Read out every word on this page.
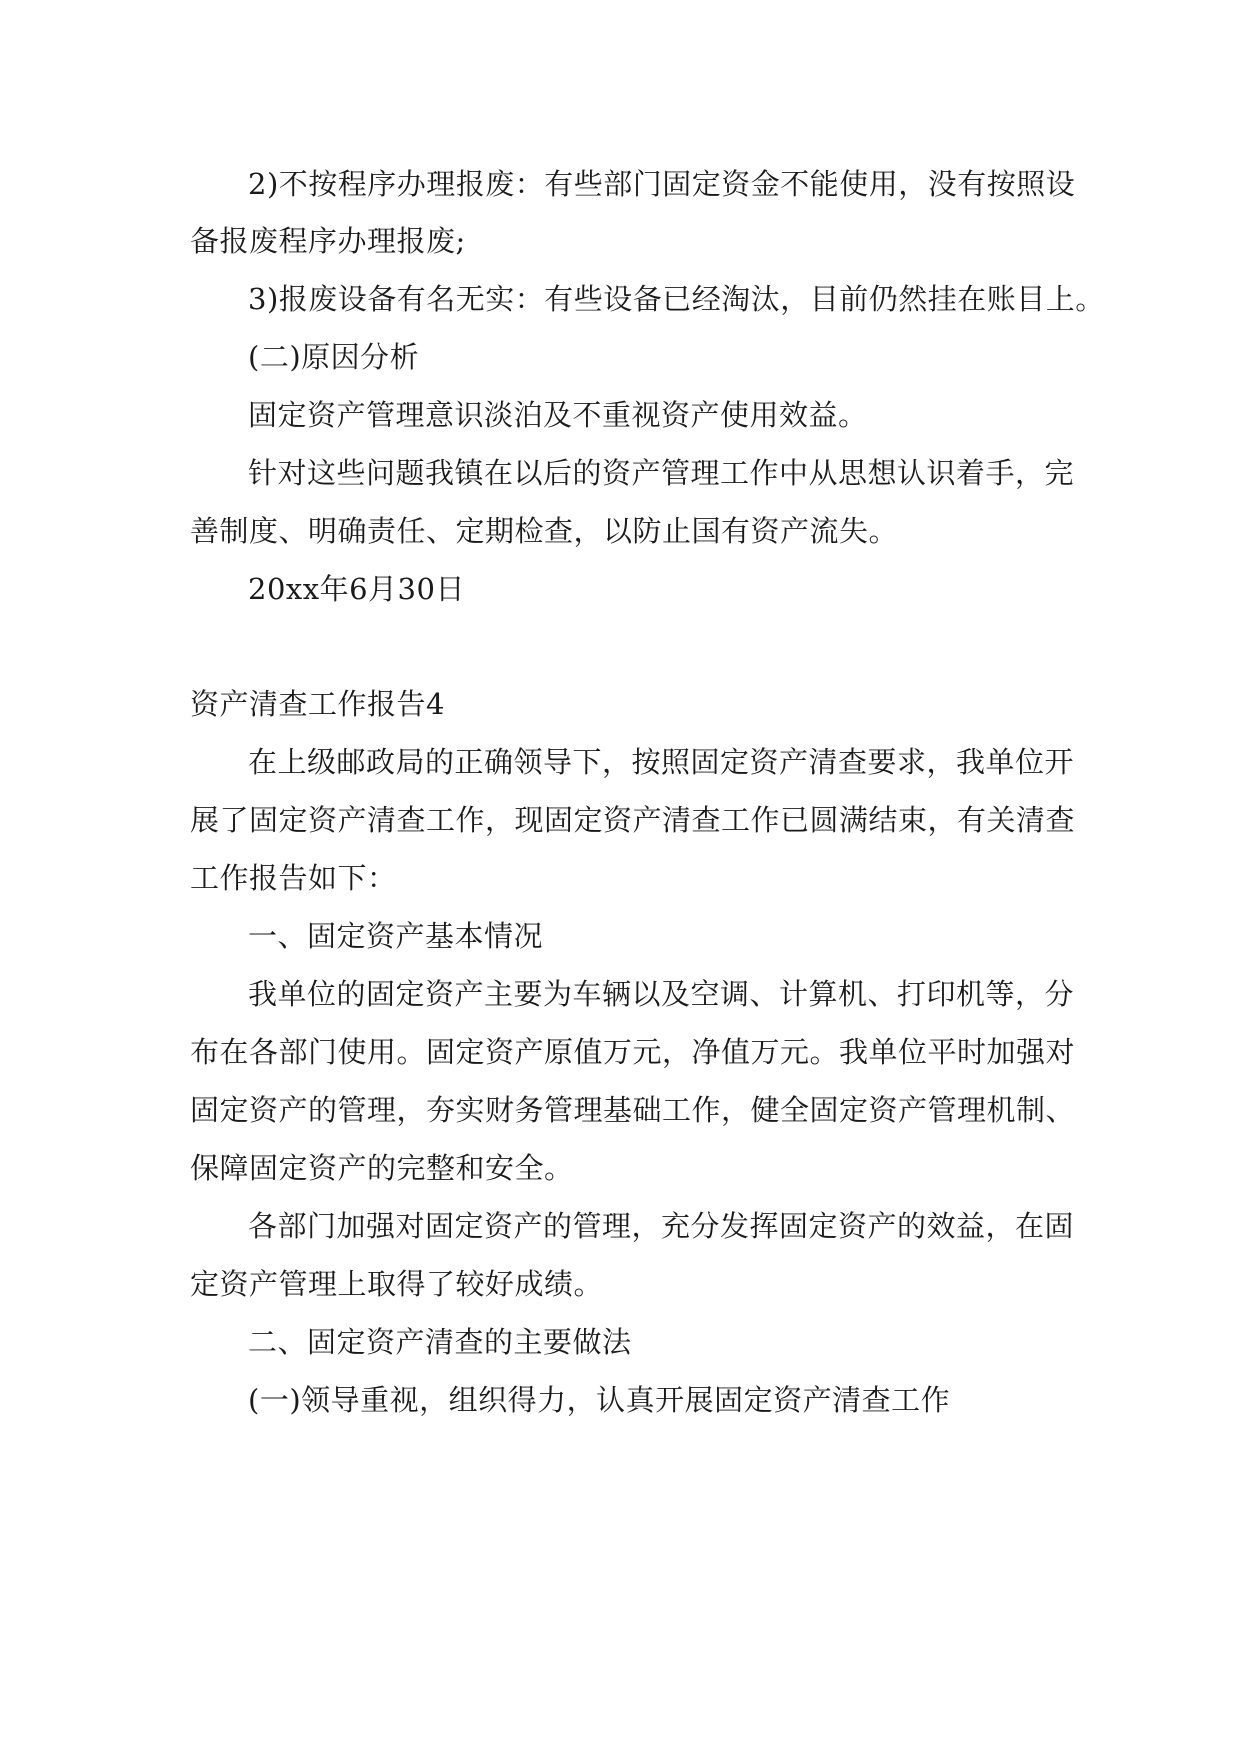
2)不按程序办理报废：有些部门固定资金不能使用，没有按照设
备报废程序办理报废;
3)报废设备有名无实：有些设备已经淘汰，目前仍然挂在账目上。
(二)原因分析
固定资产管理意识淡泊及不重视资产使用效益。
针对这些问题我镇在以后的资产管理工作中从思想认识着手，完
善制度、明确责任、定期检查，以防止国有资产流失。
20xx年6月30日
资产清查工作报告4
在上级邮政局的正确领导下，按照固定资产清查要求，我单位开
展了固定资产清查工作，现固定资产清查工作已圆满结束，有关清查
工作报告如下：
一、固定资产基本情况
我单位的固定资产主要为车辆以及空调、计算机、打印机等，分
布在各部门使用。固定资产原值万元，净值万元。我单位平时加强对
固定资产的管理，夯实财务管理基础工作，健全固定资产管理机制、
保障固定资产的完整和安全。
各部门加强对固定资产的管理，充分发挥固定资产的效益，在固
定资产管理上取得了较好成绩。
二、固定资产清查的主要做法
(一)领导重视，组织得力，认真开展固定资产清查工作
